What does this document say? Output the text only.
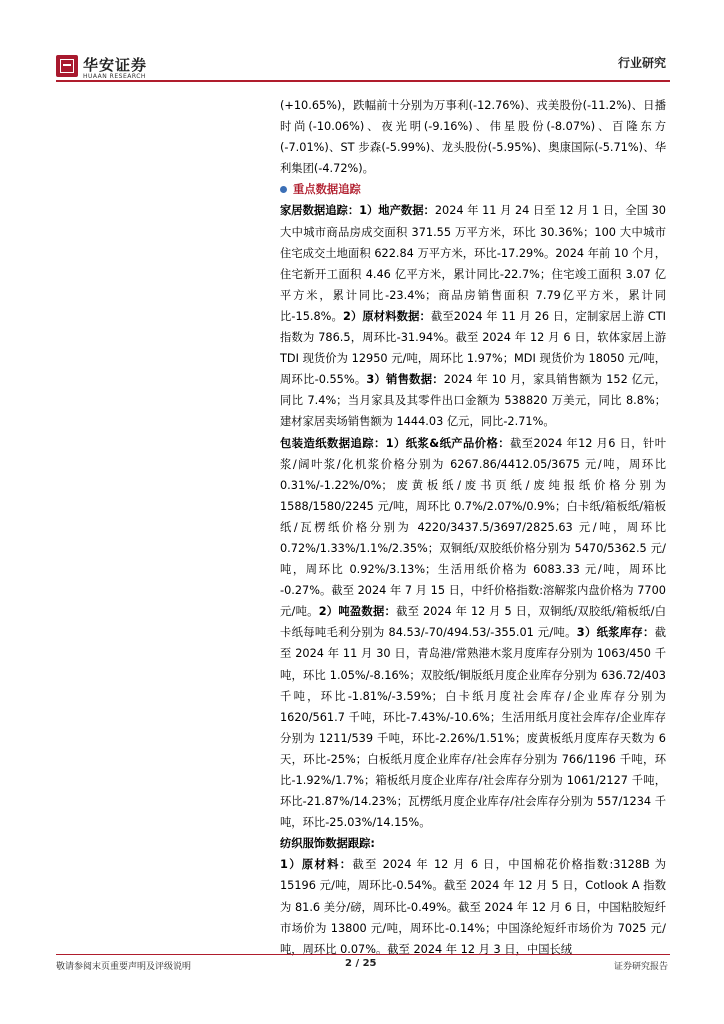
华安证券
HUAAN RESEARCH
行业研究

(+10.65%)，跌幅前十分别为万事利(-12.76%)、戎美股份(-11.2%)、日播时尚(-10.06%)、夜光明(-9.16%)、伟星股份(-8.07%)、百隆东方(-7.01%)、ST 步森(-5.99%)、龙头股份(-5.95%)、奥康国际(-5.71%)、华利集团(-4.72%)。

重点数据追踪

家居数据追踪：1）地产数据：2024 年 11 月 24 日至 12 月 1 日，全国 30 大中城市商品房成交面积 371.55 万平方米，环比 30.36%；100 大中城市住宅成交土地面积 622.84 万平方米，环比-17.29%。2024 年前 10 个月，住宅新开工面积 4.46 亿平方米，累计同比-22.7%；住宅竣工面积 3.07 亿平方米，累计同比-23.4%；商品房销售面积 7.79亿平方米，累计同比-15.8%。2）原材料数据：截至2024 年 11 月 26 日，定制家居上游 CTI 指数为 786.5，周环比-31.94%。截至 2024 年 12 月 6 日，软体家居上游 TDI 现货价为 12950 元/吨，周环比 1.97%；MDI 现货价为 18050 元/吨，周环比-0.55%。3）销售数据：2024 年 10 月，家具销售额为 152 亿元，同比 7.4%；当月家具及其零件出口金额为 538820 万美元，同比 8.8%；建材家居卖场销售额为 1444.03 亿元，同比-2.71%。

包装造纸数据追踪：1）纸浆&纸产品价格：截至2024 年12 月6 日，针叶浆/阔叶浆/化机浆价格分别为 6267.86/4412.05/3675 元/吨，周环比 0.31%/-1.22%/0%；废黄板纸/废书页纸/废纯报纸价格分别为 1588/1580/2245 元/吨，周环比 0.7%/2.07%/0.9%；白卡纸/箱板纸/箱板纸/瓦楞纸价格分别为 4220/3437.5/3697/2825.63 元/吨，周环比 0.72%/1.33%/1.1%/2.35%；双铜纸/双胶纸价格分别为 5470/5362.5 元/吨，周环比 0.92%/3.13%；生活用纸价格为 6083.33 元/吨，周环比 -0.27%。截至 2024 年 7 月 15 日，中纤价格指数:溶解浆内盘价格为 7700 元/吨。2）吨盈数据：截至 2024 年 12 月 5 日，双铜纸/双胶纸/箱板纸/白卡纸每吨毛利分别为 84.53/-70/494.53/-355.01 元/吨。3）纸浆库存：截至 2024 年 11 月 30 日，青岛港/常熟港木浆月度库存分别为 1063/450 千吨，环比 1.05%/-8.16%；双胶纸/铜版纸月度企业库存分别为 636.72/403 千吨，环比-1.81%/-3.59%；白卡纸月度社会库存/企业库存分别为 1620/561.7 千吨，环比-7.43%/-10.6%；生活用纸月度社会库存/企业库存分别为 1211/539 千吨，环比-2.26%/1.51%；废黄板纸月度库存天数为 6 天，环比-25%；白板纸月度企业库存/社会库存分别为 766/1196 千吨，环比-1.92%/1.7%；箱板纸月度企业库存/社会库存分别为 1061/2127 千吨，环比-21.87%/14.23%；瓦楞纸月度企业库存/社会库存分别为 557/1234 千吨，环比-25.03%/14.15%。

纺织服饰数据跟踪:

1）原材料：截至 2024 年 12 月 6 日，中国棉花价格指数:3128B 为 15196 元/吨，周环比-0.54%。截至 2024 年 12 月 5 日，Cotlook A 指数为 81.6 美分/磅，周环比-0.49%。截至 2024 年 12 月 6 日，中国粘胶短纤市场价为 13800 元/吨，周环比-0.14%；中国涤纶短纤市场价为 7025 元/吨，周环比 0.07%。截至 2024 年 12 月 3 日，中国长绒

敬请参阅末页重要声明及评级说明	2 / 25	证券研究报告
